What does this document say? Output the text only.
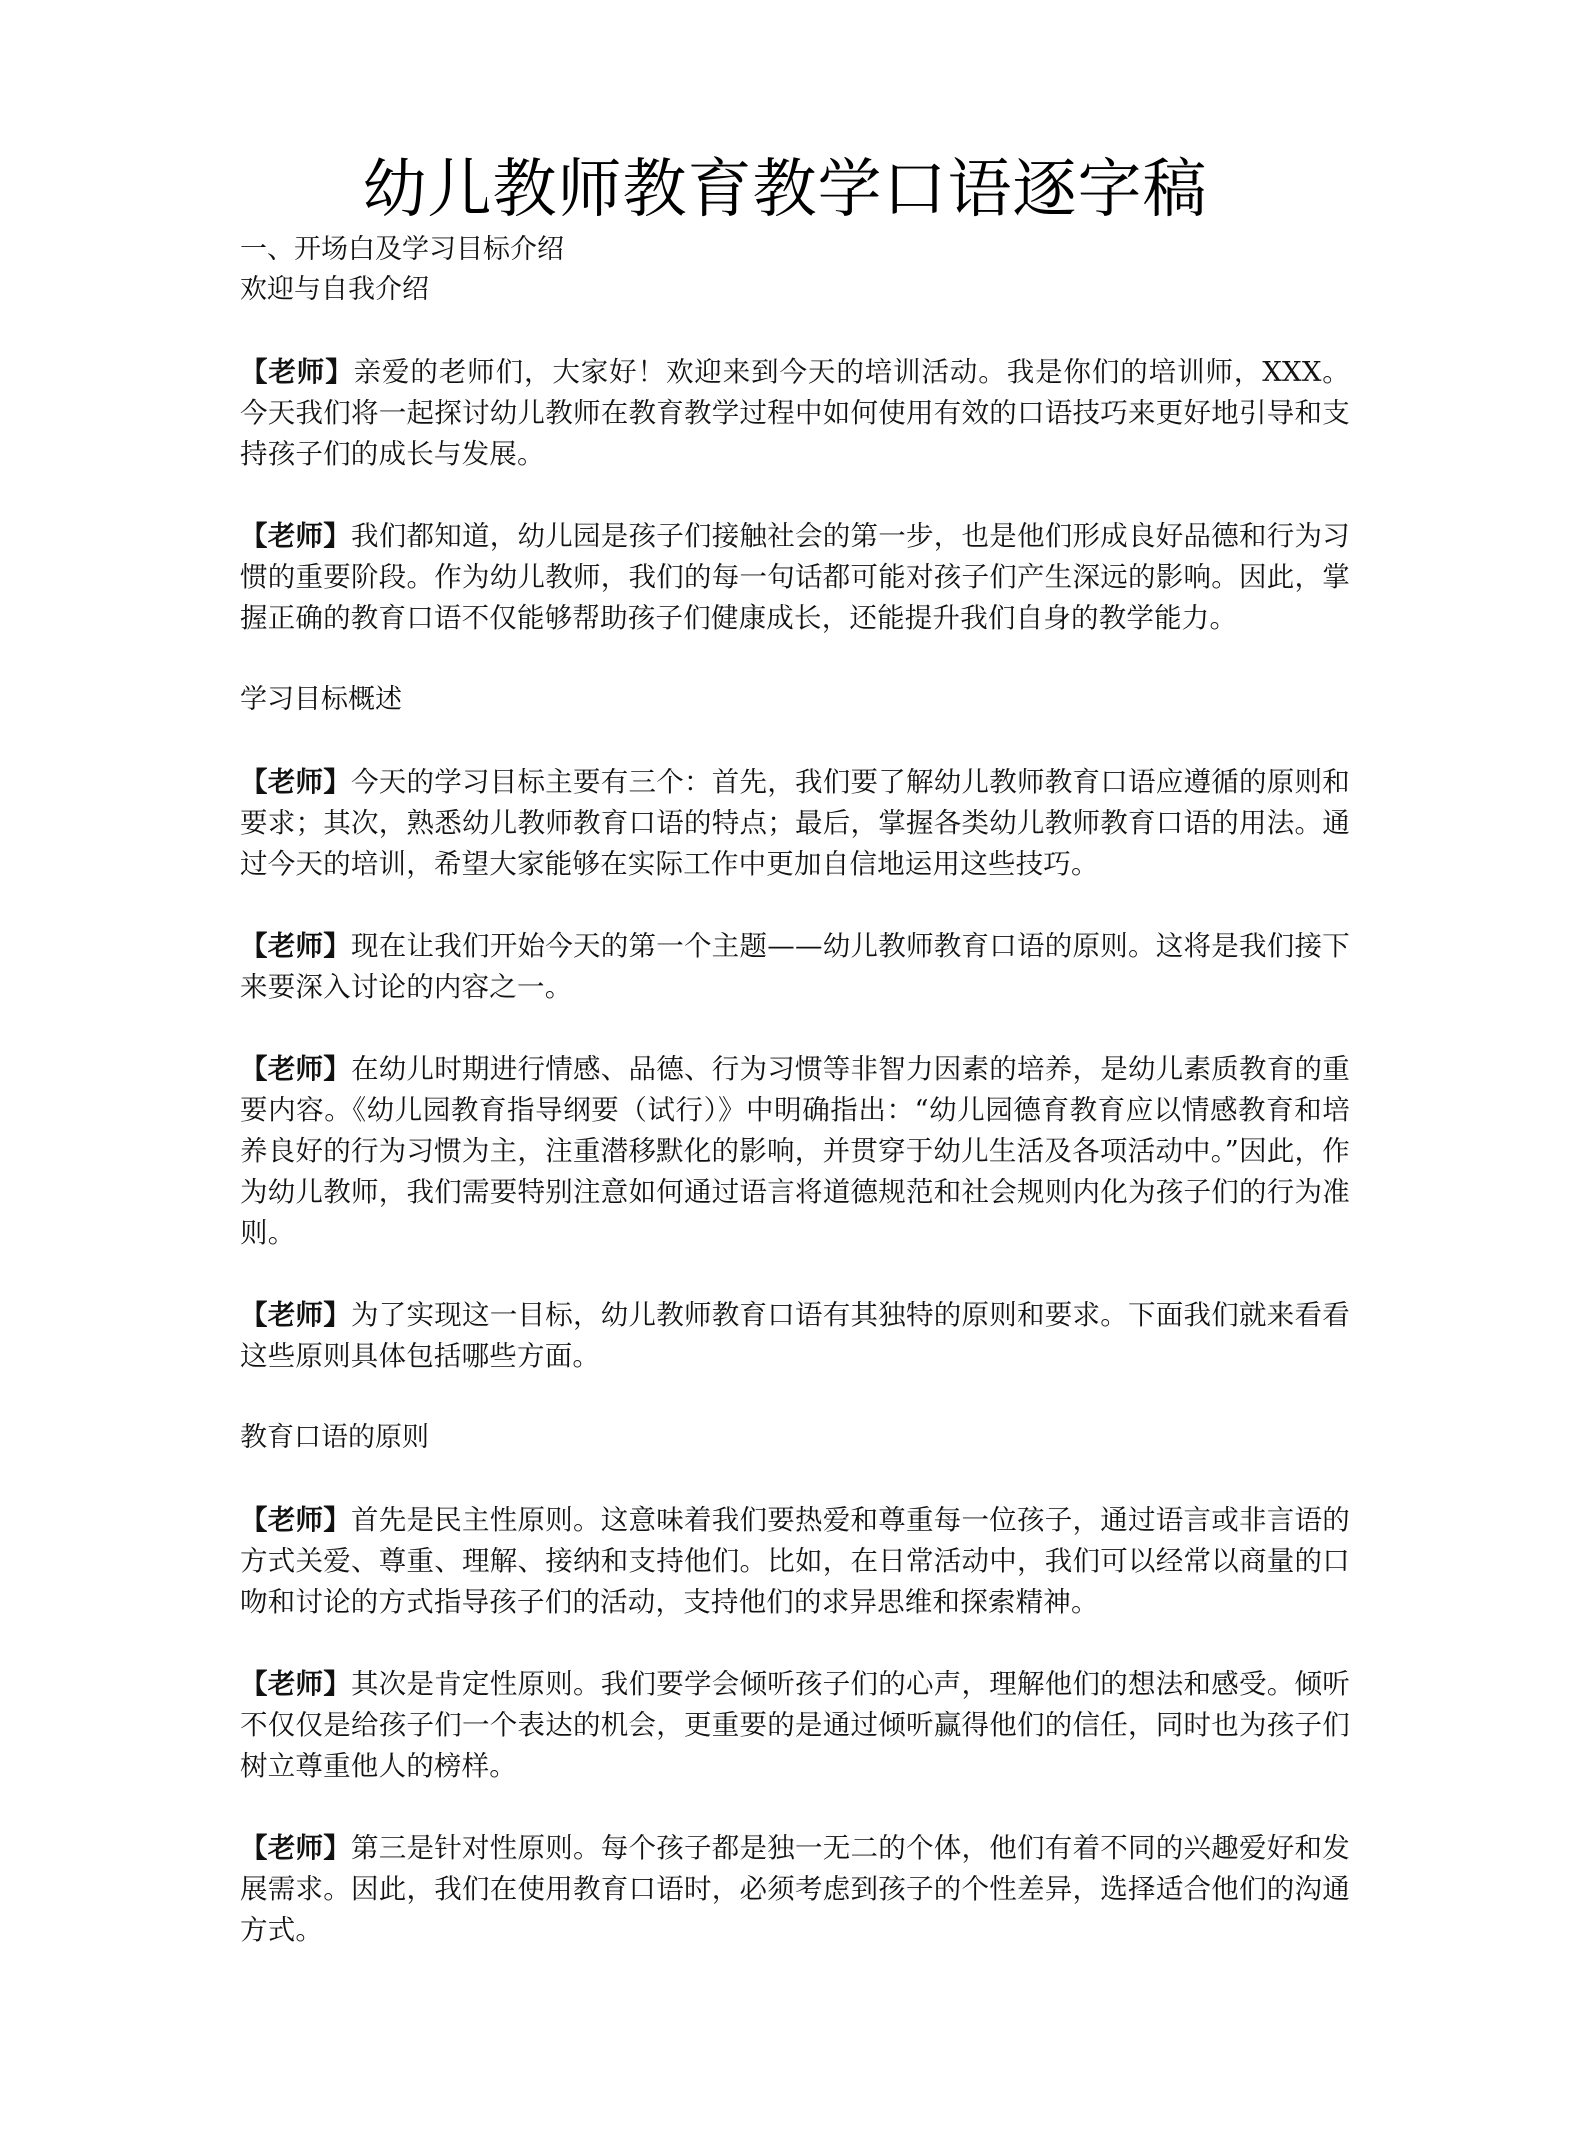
幼儿教师教育教学口语逐字稿
一、开场白及学习目标介绍
欢迎与自我介绍

【老师】亲爱的老师们，大家好！欢迎来到今天的培训活动。我是你们的培训师，XXX。今天我们将一起探讨幼儿教师在教育教学过程中如何使用有效的口语技巧来更好地引导和支持孩子们的成长与发展。

【老师】我们都知道，幼儿园是孩子们接触社会的第一步，也是他们形成良好品德和行为习惯的重要阶段。作为幼儿教师，我们的每一句话都可能对孩子们产生深远的影响。因此，掌握正确的教育口语不仅能够帮助孩子们健康成长，还能提升我们自身的教学能力。

学习目标概述

【老师】今天的学习目标主要有三个：首先，我们要了解幼儿教师教育口语应遵循的原则和要求；其次，熟悉幼儿教师教育口语的特点；最后，掌握各类幼儿教师教育口语的用法。通过今天的培训，希望大家能够在实际工作中更加自信地运用这些技巧。

【老师】现在让我们开始今天的第一个主题——幼儿教师教育口语的原则。这将是我们接下来要深入讨论的内容之一。

【老师】在幼儿时期进行情感、品德、行为习惯等非智力因素的培养，是幼儿素质教育的重要内容。《幼儿园教育指导纲要（试行）》中明确指出：“幼儿园德育教育应以情感教育和培养良好的行为习惯为主，注重潜移默化的影响，并贯穿于幼儿生活及各项活动中。”因此，作为幼儿教师，我们需要特别注意如何通过语言将道德规范和社会规则内化为孩子们的行为准则。

【老师】为了实现这一目标，幼儿教师教育口语有其独特的原则和要求。下面我们就来看看这些原则具体包括哪些方面。

教育口语的原则

【老师】首先是民主性原则。这意味着我们要热爱和尊重每一位孩子，通过语言或非言语的方式关爱、尊重、理解、接纳和支持他们。比如，在日常活动中，我们可以经常以商量的口吻和讨论的方式指导孩子们的活动，支持他们的求异思维和探索精神。

【老师】其次是肯定性原则。我们要学会倾听孩子们的心声，理解他们的想法和感受。倾听不仅仅是给孩子们一个表达的机会，更重要的是通过倾听赢得他们的信任，同时也为孩子们树立尊重他人的榜样。

【老师】第三是针对性原则。每个孩子都是独一无二的个体，他们有着不同的兴趣爱好和发展需求。因此，我们在使用教育口语时，必须考虑到孩子的个性差异，选择适合他们的沟通方式。
